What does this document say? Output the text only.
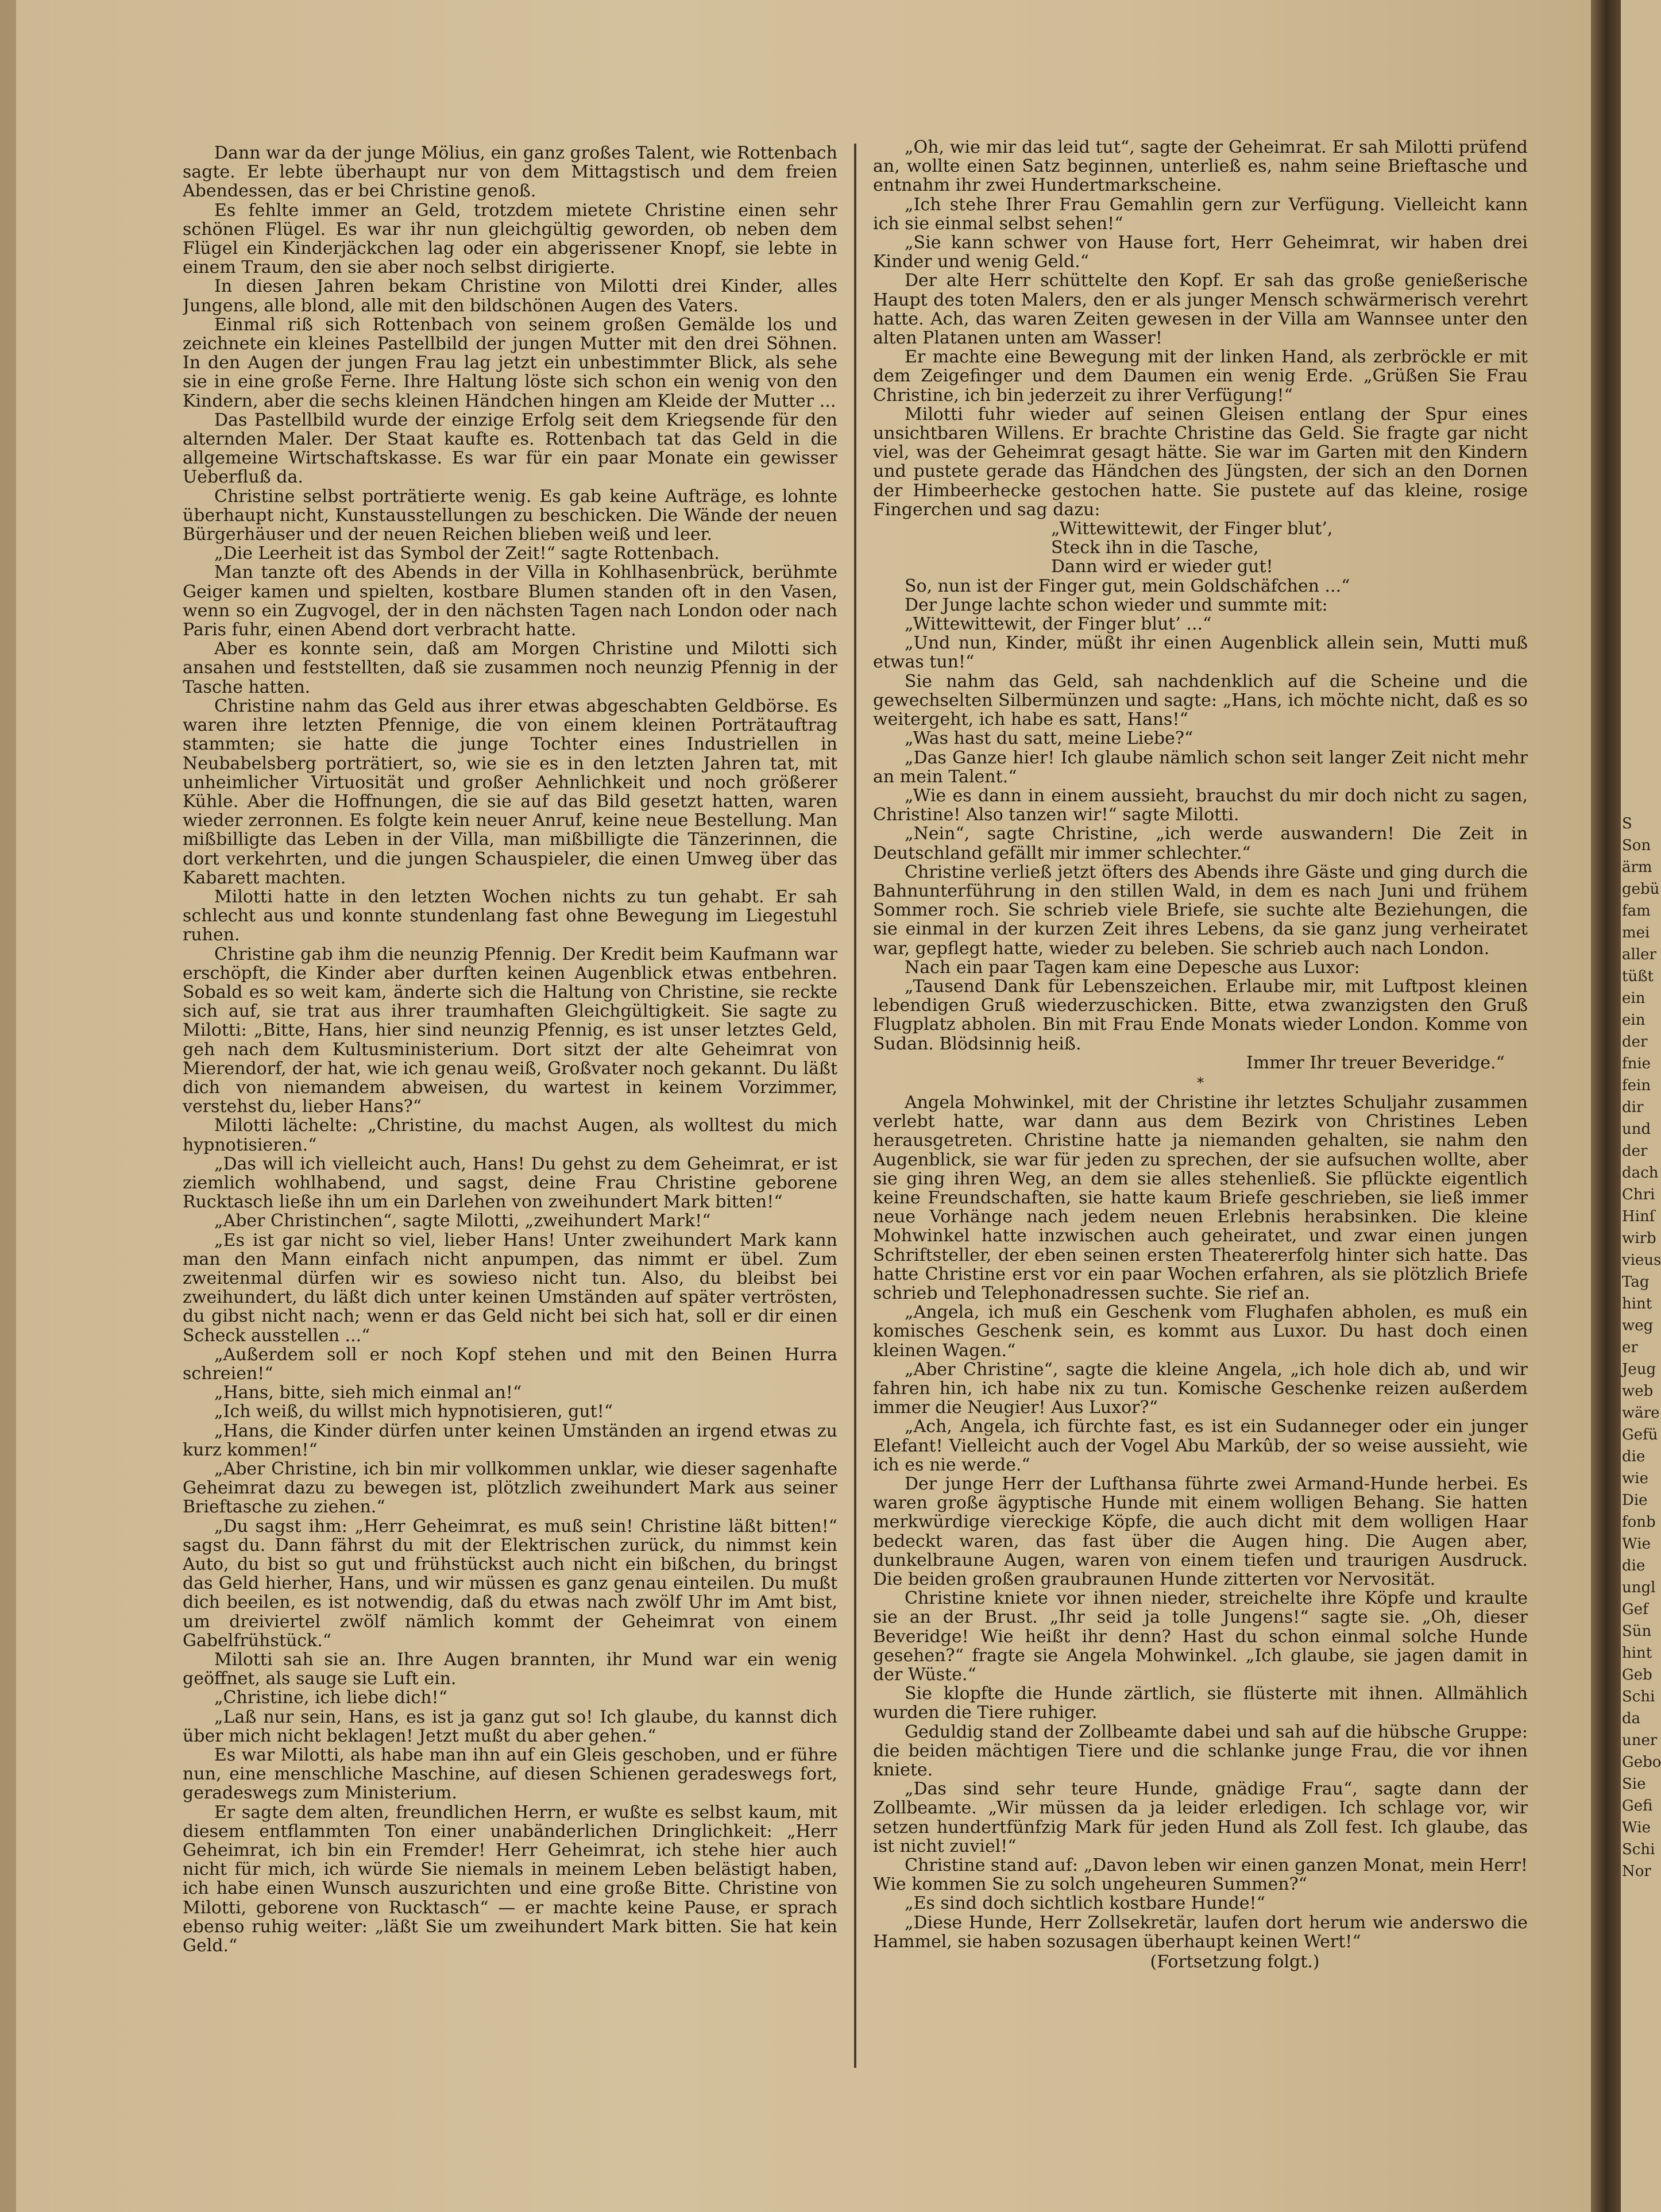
Dann war da der junge Mölius, ein ganz großes Talent, wie Rottenbach sagte. Er lebte überhaupt nur von dem Mittagstisch und dem freien Abendessen, das er bei Christine genoß.

Es fehlte immer an Geld, trotzdem mietete Christine einen sehr schönen Flügel. Es war ihr nun gleichgültig geworden, ob neben dem Flügel ein Kinderjäckchen lag oder ein abgerissener Knopf, sie lebte in einem Traum, den sie aber noch selbst dirigierte.

In diesen Jahren bekam Christine von Milotti drei Kinder, alles Jungens, alle blond, alle mit den bildschönen Augen des Vaters.

Einmal riß sich Rottenbach von seinem großen Gemälde los und zeichnete ein kleines Pastellbild der jungen Mutter mit den drei Söhnen. In den Augen der jungen Frau lag jetzt ein unbestimmter Blick, als sehe sie in eine große Ferne. Ihre Haltung löste sich schon ein wenig von den Kindern, aber die sechs kleinen Händchen hingen am Kleide der Mutter ...

Das Pastellbild wurde der einzige Erfolg seit dem Kriegsende für den alternden Maler. Der Staat kaufte es. Rottenbach tat das Geld in die allgemeine Wirtschaftskasse. Es war für ein paar Monate ein gewisser Ueberfluß da.

Christine selbst porträtierte wenig. Es gab keine Aufträge, es lohnte überhaupt nicht, Kunstausstellungen zu beschicken. Die Wände der neuen Bürgerhäuser und der neuen Reichen blieben weiß und leer.

„Die Leerheit ist das Symbol der Zeit!“ sagte Rottenbach.

Man tanzte oft des Abends in der Villa in Kohlhasenbrück, berühmte Geiger kamen und spielten, kostbare Blumen standen oft in den Vasen, wenn so ein Zugvogel, der in den nächsten Tagen nach London oder nach Paris fuhr, einen Abend dort verbracht hatte.

Aber es konnte sein, daß am Morgen Christine und Milotti sich ansahen und feststellten, daß sie zusammen noch neunzig Pfennig in der Tasche hatten.

Christine nahm das Geld aus ihrer etwas abgeschabten Geldbörse. Es waren ihre letzten Pfennige, die von einem kleinen Porträtauftrag stammten; sie hatte die junge Tochter eines Industriellen in Neubabelsberg porträtiert, so, wie sie es in den letzten Jahren tat, mit unheimlicher Virtuosität und großer Aehnlichkeit und noch größerer Kühle. Aber die Hoffnungen, die sie auf das Bild gesetzt hatten, waren wieder zerronnen. Es folgte kein neuer Anruf, keine neue Bestellung. Man mißbilligte das Leben in der Villa, man mißbilligte die Tänzerinnen, die dort verkehrten, und die jungen Schauspieler, die einen Umweg über das Kabarett machten.

Milotti hatte in den letzten Wochen nichts zu tun gehabt. Er sah schlecht aus und konnte stundenlang fast ohne Bewegung im Liegestuhl ruhen.

Christine gab ihm die neunzig Pfennig. Der Kredit beim Kaufmann war erschöpft, die Kinder aber durften keinen Augenblick etwas entbehren. Sobald es so weit kam, änderte sich die Haltung von Christine, sie reckte sich auf, sie trat aus ihrer traumhaften Gleichgültigkeit. Sie sagte zu Milotti: „Bitte, Hans, hier sind neunzig Pfennig, es ist unser letztes Geld, geh nach dem Kultusministerium. Dort sitzt der alte Geheimrat von Mierendorf, der hat, wie ich genau weiß, Großvater noch gekannt. Du läßt dich von niemandem abweisen, du wartest in keinem Vorzimmer, verstehst du, lieber Hans?“

Milotti lächelte: „Christine, du machst Augen, als wolltest du mich hypnotisieren.“

„Das will ich vielleicht auch, Hans! Du gehst zu dem Geheimrat, er ist ziemlich wohlhabend, und sagst, deine Frau Christine geborene Rucktasch ließe ihn um ein Darlehen von zweihundert Mark bitten!“

„Aber Christinchen“, sagte Milotti, „zweihundert Mark!“

„Es ist gar nicht so viel, lieber Hans! Unter zweihundert Mark kann man den Mann einfach nicht anpumpen, das nimmt er übel. Zum zweitenmal dürfen wir es sowieso nicht tun. Also, du bleibst bei zweihundert, du läßt dich unter keinen Umständen auf später vertrösten, du gibst nicht nach; wenn er das Geld nicht bei sich hat, soll er dir einen Scheck ausstellen ...“

„Außerdem soll er noch Kopf stehen und mit den Beinen Hurra schreien!“

„Hans, bitte, sieh mich einmal an!“

„Ich weiß, du willst mich hypnotisieren, gut!“

„Hans, die Kinder dürfen unter keinen Umständen an irgend etwas zu kurz kommen!“

„Aber Christine, ich bin mir vollkommen unklar, wie dieser sagenhafte Geheimrat dazu zu bewegen ist, plötzlich zweihundert Mark aus seiner Brieftasche zu ziehen.“

„Du sagst ihm: „Herr Geheimrat, es muß sein! Christine läßt bitten!“ sagst du. Dann fährst du mit der Elektrischen zurück, du nimmst kein Auto, du bist so gut und frühstückst auch nicht ein bißchen, du bringst das Geld hierher, Hans, und wir müssen es ganz genau einteilen. Du mußt dich beeilen, es ist notwendig, daß du etwas nach zwölf Uhr im Amt bist, um dreiviertel zwölf nämlich kommt der Geheimrat von einem Gabelfrühstück.“

Milotti sah sie an. Ihre Augen brannten, ihr Mund war ein wenig geöffnet, als sauge sie Luft ein.

„Christine, ich liebe dich!“

„Laß nur sein, Hans, es ist ja ganz gut so! Ich glaube, du kannst dich über mich nicht beklagen! Jetzt mußt du aber gehen.“

Es war Milotti, als habe man ihn auf ein Gleis geschoben, und er führe nun, eine menschliche Maschine, auf diesen Schienen geradeswegs fort, geradeswegs zum Ministerium.

Er sagte dem alten, freundlichen Herrn, er wußte es selbst kaum, mit diesem entflammten Ton einer unabänderlichen Dringlichkeit: „Herr Geheimrat, ich bin ein Fremder! Herr Geheimrat, ich stehe hier auch nicht für mich, ich würde Sie niemals in meinem Leben belästigt haben, ich habe einen Wunsch auszurichten und eine große Bitte. Christine von Milotti, geborene von Rucktasch“ — er machte keine Pause, er sprach ebenso ruhig weiter: „läßt Sie um zweihundert Mark bitten. Sie hat kein Geld.“

„Oh, wie mir das leid tut“, sagte der Geheimrat. Er sah Milotti prüfend an, wollte einen Satz beginnen, unterließ es, nahm seine Brieftasche und entnahm ihr zwei Hundertmarkscheine.

„Ich stehe Ihrer Frau Gemahlin gern zur Verfügung. Vielleicht kann ich sie einmal selbst sehen!“

„Sie kann schwer von Hause fort, Herr Geheimrat, wir haben drei Kinder und wenig Geld.“

Der alte Herr schüttelte den Kopf. Er sah das große genießerische Haupt des toten Malers, den er als junger Mensch schwärmerisch verehrt hatte. Ach, das waren Zeiten gewesen in der Villa am Wannsee unter den alten Platanen unten am Wasser!

Er machte eine Bewegung mit der linken Hand, als zerbröckle er mit dem Zeigefinger und dem Daumen ein wenig Erde. „Grüßen Sie Frau Christine, ich bin jederzeit zu ihrer Verfügung!“

Milotti fuhr wieder auf seinen Gleisen entlang der Spur eines unsichtbaren Willens. Er brachte Christine das Geld. Sie fragte gar nicht viel, was der Geheimrat gesagt hätte. Sie war im Garten mit den Kindern und pustete gerade das Händchen des Jüngsten, der sich an den Dornen der Himbeerhecke gestochen hatte. Sie pustete auf das kleine, rosige Fingerchen und sag dazu:

„Wittewittewit, der Finger blut’,

Steck ihn in die Tasche,

Dann wird er wieder gut!

So, nun ist der Finger gut, mein Goldschäfchen ...“

Der Junge lachte schon wieder und summte mit:

„Wittewittewit, der Finger blut’ ...“

„Und nun, Kinder, müßt ihr einen Augenblick allein sein, Mutti muß etwas tun!“

Sie nahm das Geld, sah nachdenklich auf die Scheine und die gewechselten Silbermünzen und sagte: „Hans, ich möchte nicht, daß es so weitergeht, ich habe es satt, Hans!“

„Was hast du satt, meine Liebe?“

„Das Ganze hier! Ich glaube nämlich schon seit langer Zeit nicht mehr an mein Talent.“

„Wie es dann in einem aussieht, brauchst du mir doch nicht zu sagen, Christine! Also tanzen wir!“ sagte Milotti.

„Nein“, sagte Christine, „ich werde auswandern! Die Zeit in Deutschland gefällt mir immer schlechter.“

Christine verließ jetzt öfters des Abends ihre Gäste und ging durch die Bahnunterführung in den stillen Wald, in dem es nach Juni und frühem Sommer roch. Sie schrieb viele Briefe, sie suchte alte Beziehungen, die sie einmal in der kurzen Zeit ihres Lebens, da sie ganz jung verheiratet war, gepflegt hatte, wieder zu beleben. Sie schrieb auch nach London.

Nach ein paar Tagen kam eine Depesche aus Luxor:

„Tausend Dank für Lebenszeichen. Erlaube mir, mit Luftpost kleinen lebendigen Gruß wiederzuschicken. Bitte, etwa zwanzigsten den Gruß Flugplatz abholen. Bin mit Frau Ende Monats wieder London. Komme von Sudan. Blödsinnig heiß.

Immer Ihr treuer Beveridge.“

*

Angela Mohwinkel, mit der Christine ihr letztes Schuljahr zusammen verlebt hatte, war dann aus dem Bezirk von Christines Leben herausgetreten. Christine hatte ja niemanden gehalten, sie nahm den Augenblick, sie war für jeden zu sprechen, der sie aufsuchen wollte, aber sie ging ihren Weg, an dem sie alles stehenließ. Sie pflückte eigentlich keine Freundschaften, sie hatte kaum Briefe geschrieben, sie ließ immer neue Vorhänge nach jedem neuen Erlebnis herabsinken. Die kleine Mohwinkel hatte inzwischen auch geheiratet, und zwar einen jungen Schriftsteller, der eben seinen ersten Theatererfolg hinter sich hatte. Das hatte Christine erst vor ein paar Wochen erfahren, als sie plötzlich Briefe schrieb und Telephonadressen suchte. Sie rief an.

„Angela, ich muß ein Geschenk vom Flughafen abholen, es muß ein komisches Geschenk sein, es kommt aus Luxor. Du hast doch einen kleinen Wagen.“

„Aber Christine“, sagte die kleine Angela, „ich hole dich ab, und wir fahren hin, ich habe nix zu tun. Komische Geschenke reizen außerdem immer die Neugier! Aus Luxor?“

„Ach, Angela, ich fürchte fast, es ist ein Sudanneger oder ein junger Elefant! Vielleicht auch der Vogel Abu Markûb, der so weise aussieht, wie ich es nie werde.“

Der junge Herr der Lufthansa führte zwei Armand-Hunde herbei. Es waren große ägyptische Hunde mit einem wolligen Behang. Sie hatten merkwürdige viereckige Köpfe, die auch dicht mit dem wolligen Haar bedeckt waren, das fast über die Augen hing. Die Augen aber, dunkelbraune Augen, waren von einem tiefen und traurigen Ausdruck. Die beiden großen graubraunen Hunde zitterten vor Nervosität.

Christine kniete vor ihnen nieder, streichelte ihre Köpfe und kraulte sie an der Brust. „Ihr seid ja tolle Jungens!“ sagte sie. „Oh, dieser Beveridge! Wie heißt ihr denn? Hast du schon einmal solche Hunde gesehen?“ fragte sie Angela Mohwinkel. „Ich glaube, sie jagen damit in der Wüste.“

Sie klopfte die Hunde zärtlich, sie flüsterte mit ihnen. Allmählich wurden die Tiere ruhiger.

Geduldig stand der Zollbeamte dabei und sah auf die hübsche Gruppe: die beiden mächtigen Tiere und die schlanke junge Frau, die vor ihnen kniete.

„Das sind sehr teure Hunde, gnädige Frau“, sagte dann der Zollbeamte. „Wir müssen da ja leider erledigen. Ich schlage vor, wir setzen hundertfünfzig Mark für jeden Hund als Zoll fest. Ich glaube, das ist nicht zuviel!“

Christine stand auf: „Davon leben wir einen ganzen Monat, mein Herr! Wie kommen Sie zu solch ungeheuren Summen?“

„Es sind doch sichtlich kostbare Hunde!“

„Diese Hunde, Herr Zollsekretär, laufen dort herum wie anderswo die Hammel, sie haben sozusagen überhaupt keinen Wert!“

(Fortsetzung folgt.)

S
Son
ärm
gebü
fam
mei
aller
tüßt
ein
ein
der
fnie
fein
dir
und
der
dach
Chri
Hinſ
wirb
vieus
Tag
hint
weg
er
Jeug
web
wäre
Gefü
die
wie
Die
fonb
Wie
die
ungl
Gef
Sün
hint
Geb
Schi
da
uner
Gebo
Sie
Gefi
Wie
Schi
Nor
